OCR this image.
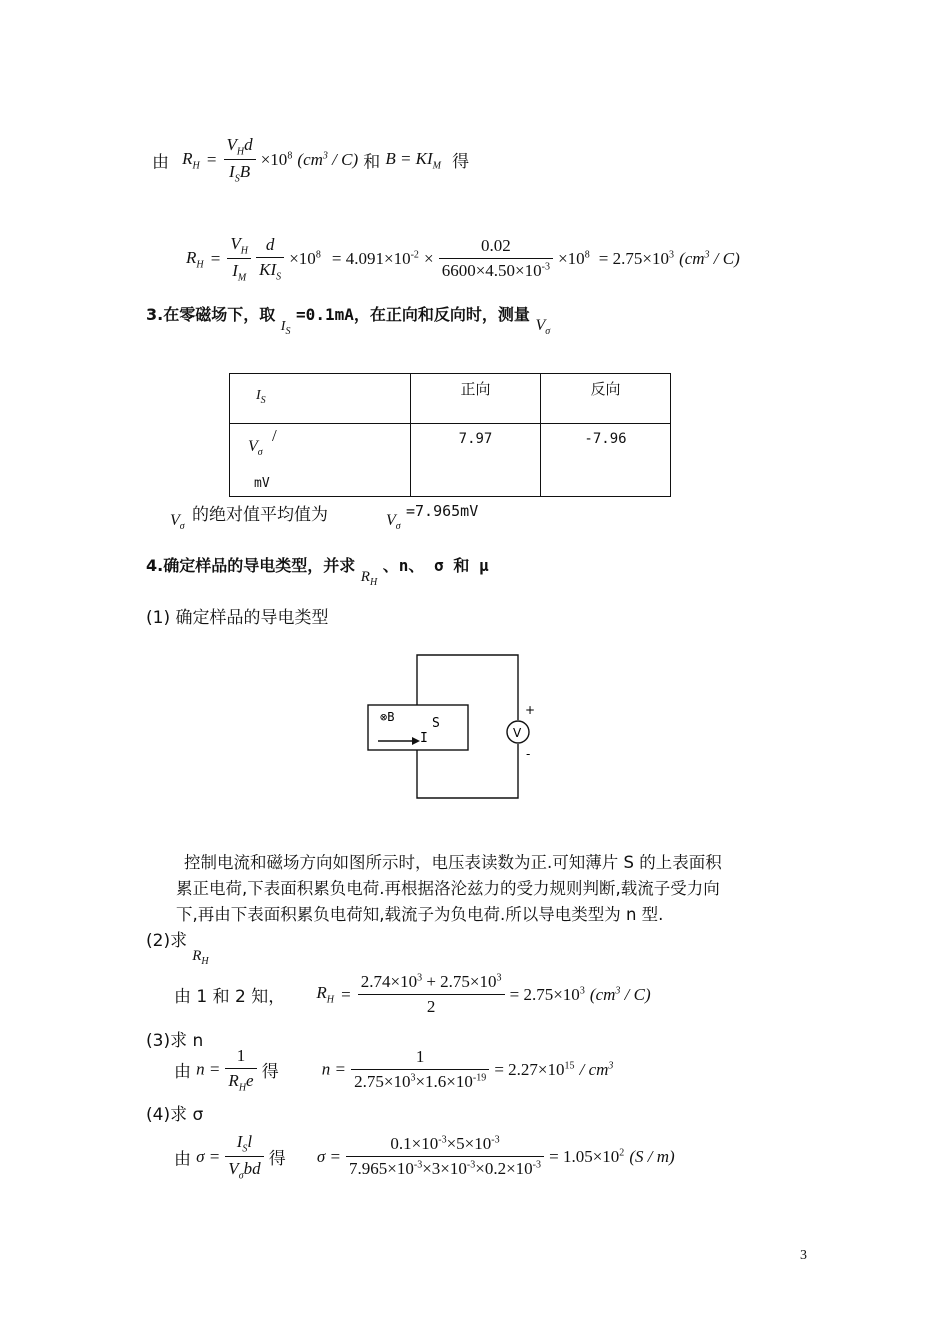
由 $R_H = \frac{V_Hd}{I_SB} \times 10^8$ $(cm^3 / C)$ 和 $B = KI_M$ 得
$R_H = \frac{V_H}{I_M}$
$\frac{d}{KI_S} \times 10^8 = 4.091\times 10^{-2} \times \frac{0.02}{6600\times 4.50\times 10^{-3}} \times 10^8 = 2.75\times 10^3$ $(cm^3 / C)$
3.在零磁场下，取 $I_S =0.1mA$，在正向和反向时，测量 $V_\sigma$
$I_S$	正向	反向

$V_\sigma$
/
mV	7.97	-7.96
$V_\sigma$
的绝对值平均值为	$V_\sigma$
=7.965mV
4.确定样品的导电类型，并求 $R_H$ 、n、 σ 和 μ
(1) 确定样品的导电类型
⊗B	S
I	V
+
-
控制电流和磁场方向如图所示时，电压表读数为正.可知薄片 S 的上表面积
累正电荷,下表面积累负电荷.再根据洛沦兹力的受力规则判断,载流子受力向
下,再由下表面积累负电荷知,载流子为负电荷.所以导电类型为 n 型.
(2)求 $R_H$
由 1 和 2 知， $R_H = \frac{2.74\times 10^3 + 2.75\times 10^3}{2} = 2.75\times 10^3$ $(cm^3 / C)$
(3)求 n
由 $n = \frac{1}{R_He}$ 得	$n = \frac{1}{2.75\times 10^3\times 1.6\times 10^{-19}} = 2.27\times 10^{15} / cm^3$
(4)求 σ
由 $\sigma = \frac{I_Sl}{V_\sigma bd}$ 得 $\sigma = \frac{0.1\times 10^{-3}\times 5\times 10^{-3}}{7.965\times 10^{-3}\times 3\times 10^{-3}\times 0.2\times 10^{-3}} = 1.05\times 10^2$ (S / m)
3
